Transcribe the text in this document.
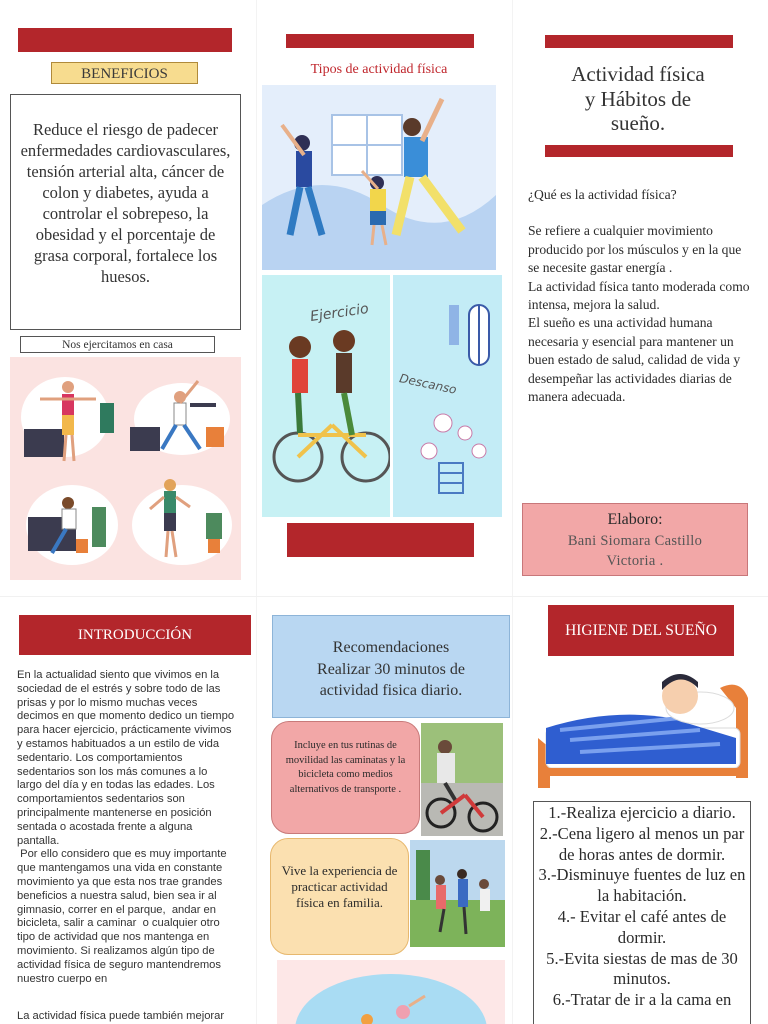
BENEFICIOS
Reduce el riesgo de padecer enfermedades cardiovasculares, tensión arterial alta, cáncer de colon y diabetes, ayuda a controlar el sobrepeso, la obesidad y el porcentaje de grasa corporal, fortalece los huesos.
Nos ejercitamos en casa
Tipos de actividad física
Ejercicio
Descanso
Actividad física
y Hábitos de
sueño.
¿Qué es la actividad física?
Se refiere a cualquier movimiento producido por los músculos y en la que se necesite gastar energía .
La actividad física tanto moderada como intensa, mejora la salud.
El sueño es una actividad humana necesaria y esencial para mantener un buen estado de salud, calidad de vida y desempeñar las actividades diarias de manera adecuada.
Elaboro:
Bani Siomara Castillo
Victoria .
INTRODUCCIÓN
En la actualidad siento que vivimos en la sociedad de el estrés y sobre todo de las prisas y por lo mismo muchas veces decimos en que momento dedico un tiempo para hacer ejercicio, prácticamente vivimos y estamos habituados a un estilo de vida sedentario. Los comportamientos sedentarios son los más comunes a lo largo del día y en todas las edades. Los comportamientos sedentarios son principalmente mantenerse en posición sentada o acostada frente a alguna pantalla.
Por ello considero que es muy importante que mantengamos una vida en constante movimiento ya que esta nos trae grandes beneficios a nuestra salud, bien sea ir al gimnasio, correr en el parque,  andar en bicicleta, salir a caminar  o cualquier otro tipo de actividad que nos mantenga en movimiento. Si realizamos algún tipo de actividad física de seguro mantendremos nuestro cuerpo en
La actividad física puede también mejorar
Recomendaciones
Realizar 30 minutos de
actividad fisica diario.
Incluye en tus rutinas de movilidad las caminatas y la bicicleta como medios alternativos de transporte .
Vive la experiencia de practicar actividad física en familia.
HIGIENE DEL SUEÑO
1.-Realiza ejercicio a diario.
2.-Cena ligero al menos un par de horas antes de dormir.
3.-Disminuye fuentes de luz en la habitación.
4.- Evitar el café antes de dormir.
5.-Evita siestas de mas de 30 minutos.
6.-Tratar de ir a la cama en
